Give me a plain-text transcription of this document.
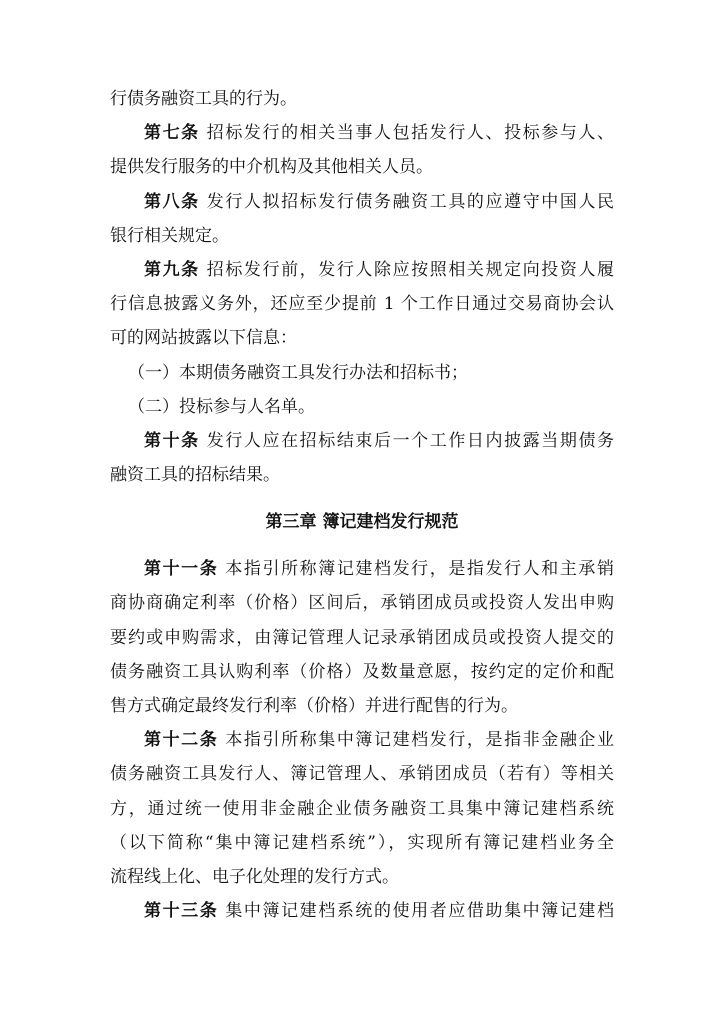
行债务融资工具的行为。
第七条 招标发行的相关当事人包括发行人、投标参与人、
提供发行服务的中介机构及其他相关人员。
第八条 发行人拟招标发行债务融资工具的应遵守中国人民
银行相关规定。
第九条 招标发行前，发行人除应按照相关规定向投资人履
行信息披露义务外，还应至少提前 1 个工作日通过交易商协会认
可的网站披露以下信息：
（一）本期债务融资工具发行办法和招标书；
（二）投标参与人名单。
第十条 发行人应在招标结束后一个工作日内披露当期债务
融资工具的招标结果。
第三章 簿记建档发行规范
第十一条 本指引所称簿记建档发行，是指发行人和主承销
商协商确定利率（价格）区间后，承销团成员或投资人发出申购
要约或申购需求，由簿记管理人记录承销团成员或投资人提交的
债务融资工具认购利率（价格）及数量意愿，按约定的定价和配
售方式确定最终发行利率（价格）并进行配售的行为。
第十二条 本指引所称集中簿记建档发行，是指非金融企业
债务融资工具发行人、簿记管理人、承销团成员（若有）等相关
方，通过统一使用非金融企业债务融资工具集中簿记建档系统
（以下简称“集中簿记建档系统”），实现所有簿记建档业务全
流程线上化、电子化处理的发行方式。
第十三条 集中簿记建档系统的使用者应借助集中簿记建档
